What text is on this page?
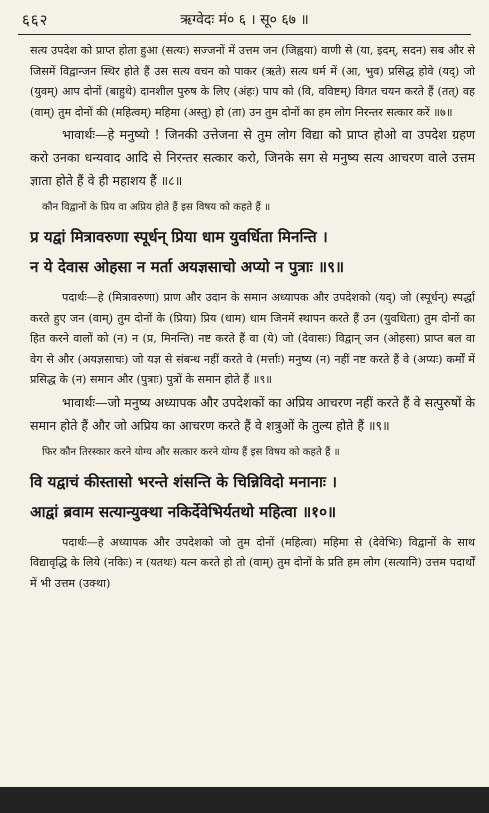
६६२	ऋग्वेदः मं० ६ । सू० ६७ ॥

सत्य उपदेश को प्राप्त होता हुआ (सत्यः) सज्जनों में उत्तम जन (जिह्वया) वाणी से (या, इदम्, सदन) सब और से जिसमें विद्वान्जन स्थिर होते हैं उस सत्य वचन को पाकर (ऋते) सत्य धर्म में (आ, भुव) प्रसिद्ध होवे (यद्) जो (युवम्) आप दोनों (बाहुथे) दानशील पुरुष के लिए (अंहः) पाप को (वि, वविष्टम्) विगत चयन करते हैं (तत्) वह (वाम्) तुम दोनों की (महित्वम्) महिमा (अस्तु) हो (ता) उन तुम दोनों का हम लोग निरन्तर सत्कार करें ॥७॥

भावार्थः—हे मनुष्यो ! जिनकी उत्तेजना से तुम लोग विद्या को प्राप्त होओ वा उपदेश ग्रहण करो उनका धन्यवाद आदि से निरन्तर सत्कार करो, जिनके सग से मनुष्य सत्य आचरण वाले उत्तम ज्ञाता होते हैं वे ही महाशय हैं ॥८॥

कौन विद्वानों के प्रिय वा अप्रिय होते हैं इस विषय को कहते हैं ॥

प्र यद्वां मित्रावरुणा स्पूर्धन् प्रिया धाम युवर्धिता मिनन्ति ।

न ये देवास ओहसा न मर्ता अयज्ञसाचो अप्यो न पुत्राः ॥९॥

पदार्थः—हे (मित्रावरुणा) प्राण और उदान के समान अध्यापक और उपदेशको (यद्) जो (स्पूर्धन्) स्पर्द्धा करते हुए जन (वाम्) तुम दोनों के (प्रिया) प्रिय (धाम) धाम जिनमें स्थापन करते हैं उन (युवधिता) तुम दोनों का हित करने वालों को (न) न (प्र, मिनन्ति) नष्ट करते हैं वा (ये) जो (देवासः) विद्वान् जन (ओहसा) प्राप्त बल वा वेग से और (अयज्ञसाचः) जो यज्ञ से संबन्ध नहीं करते वे (मर्त्ताः) मनुष्य (न) नहीं नष्ट करते हैं वे (अप्यः) कर्मों में प्रसिद्ध के (न) समान और (पुत्राः) पुत्रों के समान होते हैं ॥९॥

भावार्थः—जो मनुष्य अध्यापक और उपदेशकों का अप्रिय आचरण नहीं करते हैं वे सत्पुरुषों के समान होते हैं और जो अप्रिय का आचरण करते हैं वे शत्रुओं के तुल्य होते हैं ॥९॥

फिर कौन तिरस्कार करने योग्य और सत्कार करने योग्य हैं इस विषय को कहते हैं ॥

वि यद्वाचं कीस्तासो भरन्ते शंसन्ति के चिन्निविदो मनानाः ।

आद्वां ब्रवाम सत्यान्युक्था नकिर्देवेभिर्यतथो महित्वा ॥१०॥

पदार्थः—हे अध्यापक और उपदेशको जो तुम दोनों (महित्वा) महिमा से (देवेभिः) विद्वानों के साथ विद्यावृद्धि के लिये (नकिः) न (यतथः) यत्न करते हो तो (वाम्) तुम दोनों के प्रति हम लोग (सत्यानि) उत्तम पदार्थों में भी उत्तम (उक्था)
